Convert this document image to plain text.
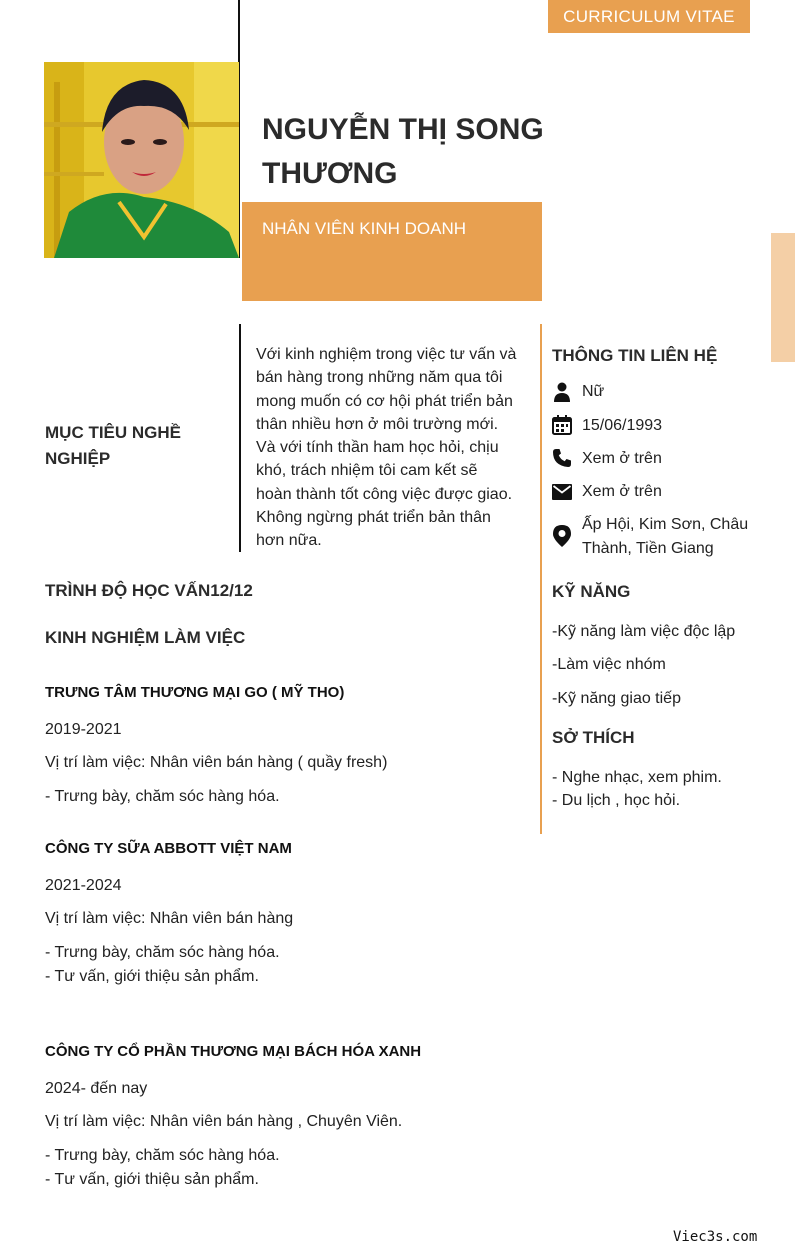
CURRICULUM VITAE
NGUYỄN THỊ SONG
THƯƠNG
NHÂN VIÊN KINH DOANH
MỤC TIÊU NGHỀ
NGHIỆP
Với kinh nghiệm trong việc tư vấn và
bán hàng trong những năm qua tôi
mong muốn có cơ hội phát triển bản
thân nhiều hơn ở môi trường mới.
Và với tính thần ham học hỏi, chịu
khó, trách nhiệm tôi cam kết sẽ
hoàn thành tốt công việc được giao.
Không ngừng phát triển bản thân
hơn nữa.
TRÌNH ĐỘ HỌC VẤN12/12
KINH NGHIỆM LÀM VIỆC
TRƯNG TÂM THƯƠNG MẠI GO ( MỸ THO)
2019-2021
Vị trí làm việc: Nhân viên bán hàng ( quầy fresh)
- Trưng bày, chăm sóc hàng hóa.
CÔNG TY SỮA ABBOTT VIỆT NAM
2021-2024
Vị trí làm việc: Nhân viên bán hàng
- Trưng bày, chăm sóc hàng hóa.
- Tư vấn, giới thiệu sản phẩm.
CÔNG TY CỔ PHẦN THƯƠNG MẠI BÁCH HÓA XANH
2024- đến nay
Vị trí làm việc: Nhân viên bán hàng , Chuyên Viên.
- Trưng bày, chăm sóc hàng hóa.
- Tư vấn, giới thiệu sản phẩm.
THÔNG TIN LIÊN HỆ
Nữ
15/06/1993
Xem ở trên
Xem ở trên
Ấp Hội, Kim Sơn, Châu
Thành, Tiền Giang
KỸ NĂNG
-Kỹ năng làm việc độc lập
-Làm việc nhóm
-Kỹ năng giao tiếp
SỞ THÍCH
- Nghe nhạc, xem phim.
- Du lịch , học hỏi.
Viec3s.com
